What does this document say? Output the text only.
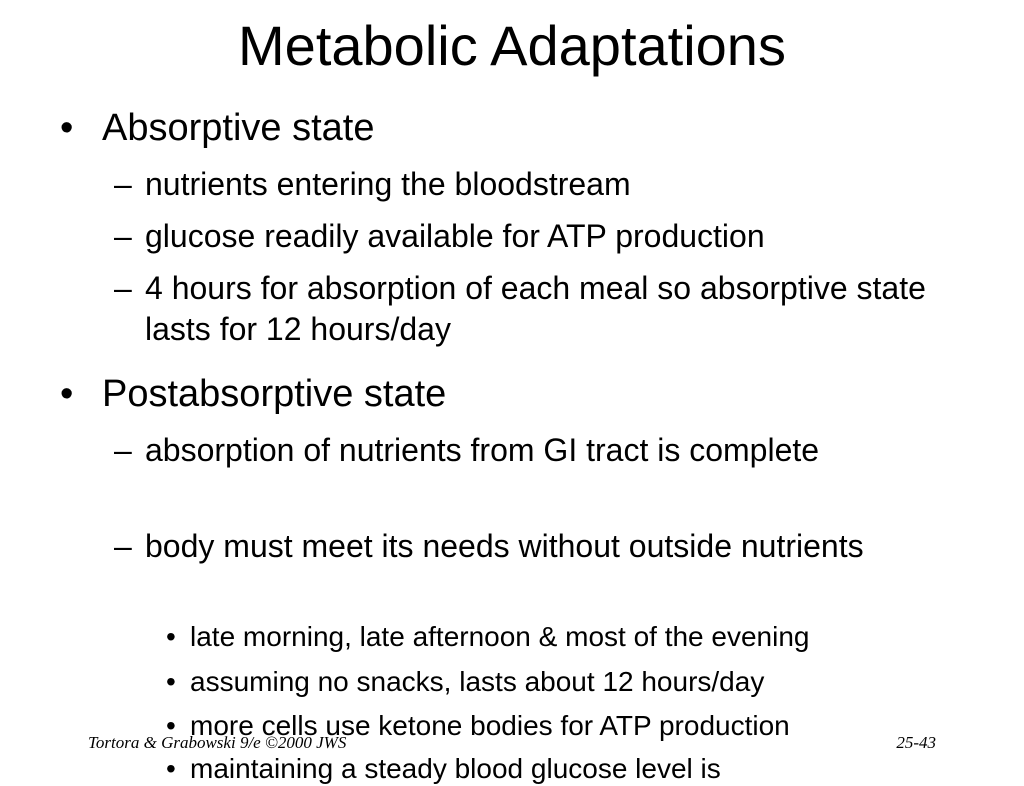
Metabolic Adaptations
• Absorptive state
– nutrients entering the bloodstream
– glucose readily available for ATP production
– 4 hours for absorption of each meal so absorptive state lasts for 12 hours/day
• Postabsorptive state
– absorption of nutrients from GI tract is complete
– body must meet its needs without outside nutrients
• late morning, late afternoon & most of the evening
• assuming no snacks, lasts about 12 hours/day
• more cells use ketone bodies for ATP production
• maintaining a steady blood glucose level is
Tortora & Grabowski 9/e ©2000 JWS	25-43
